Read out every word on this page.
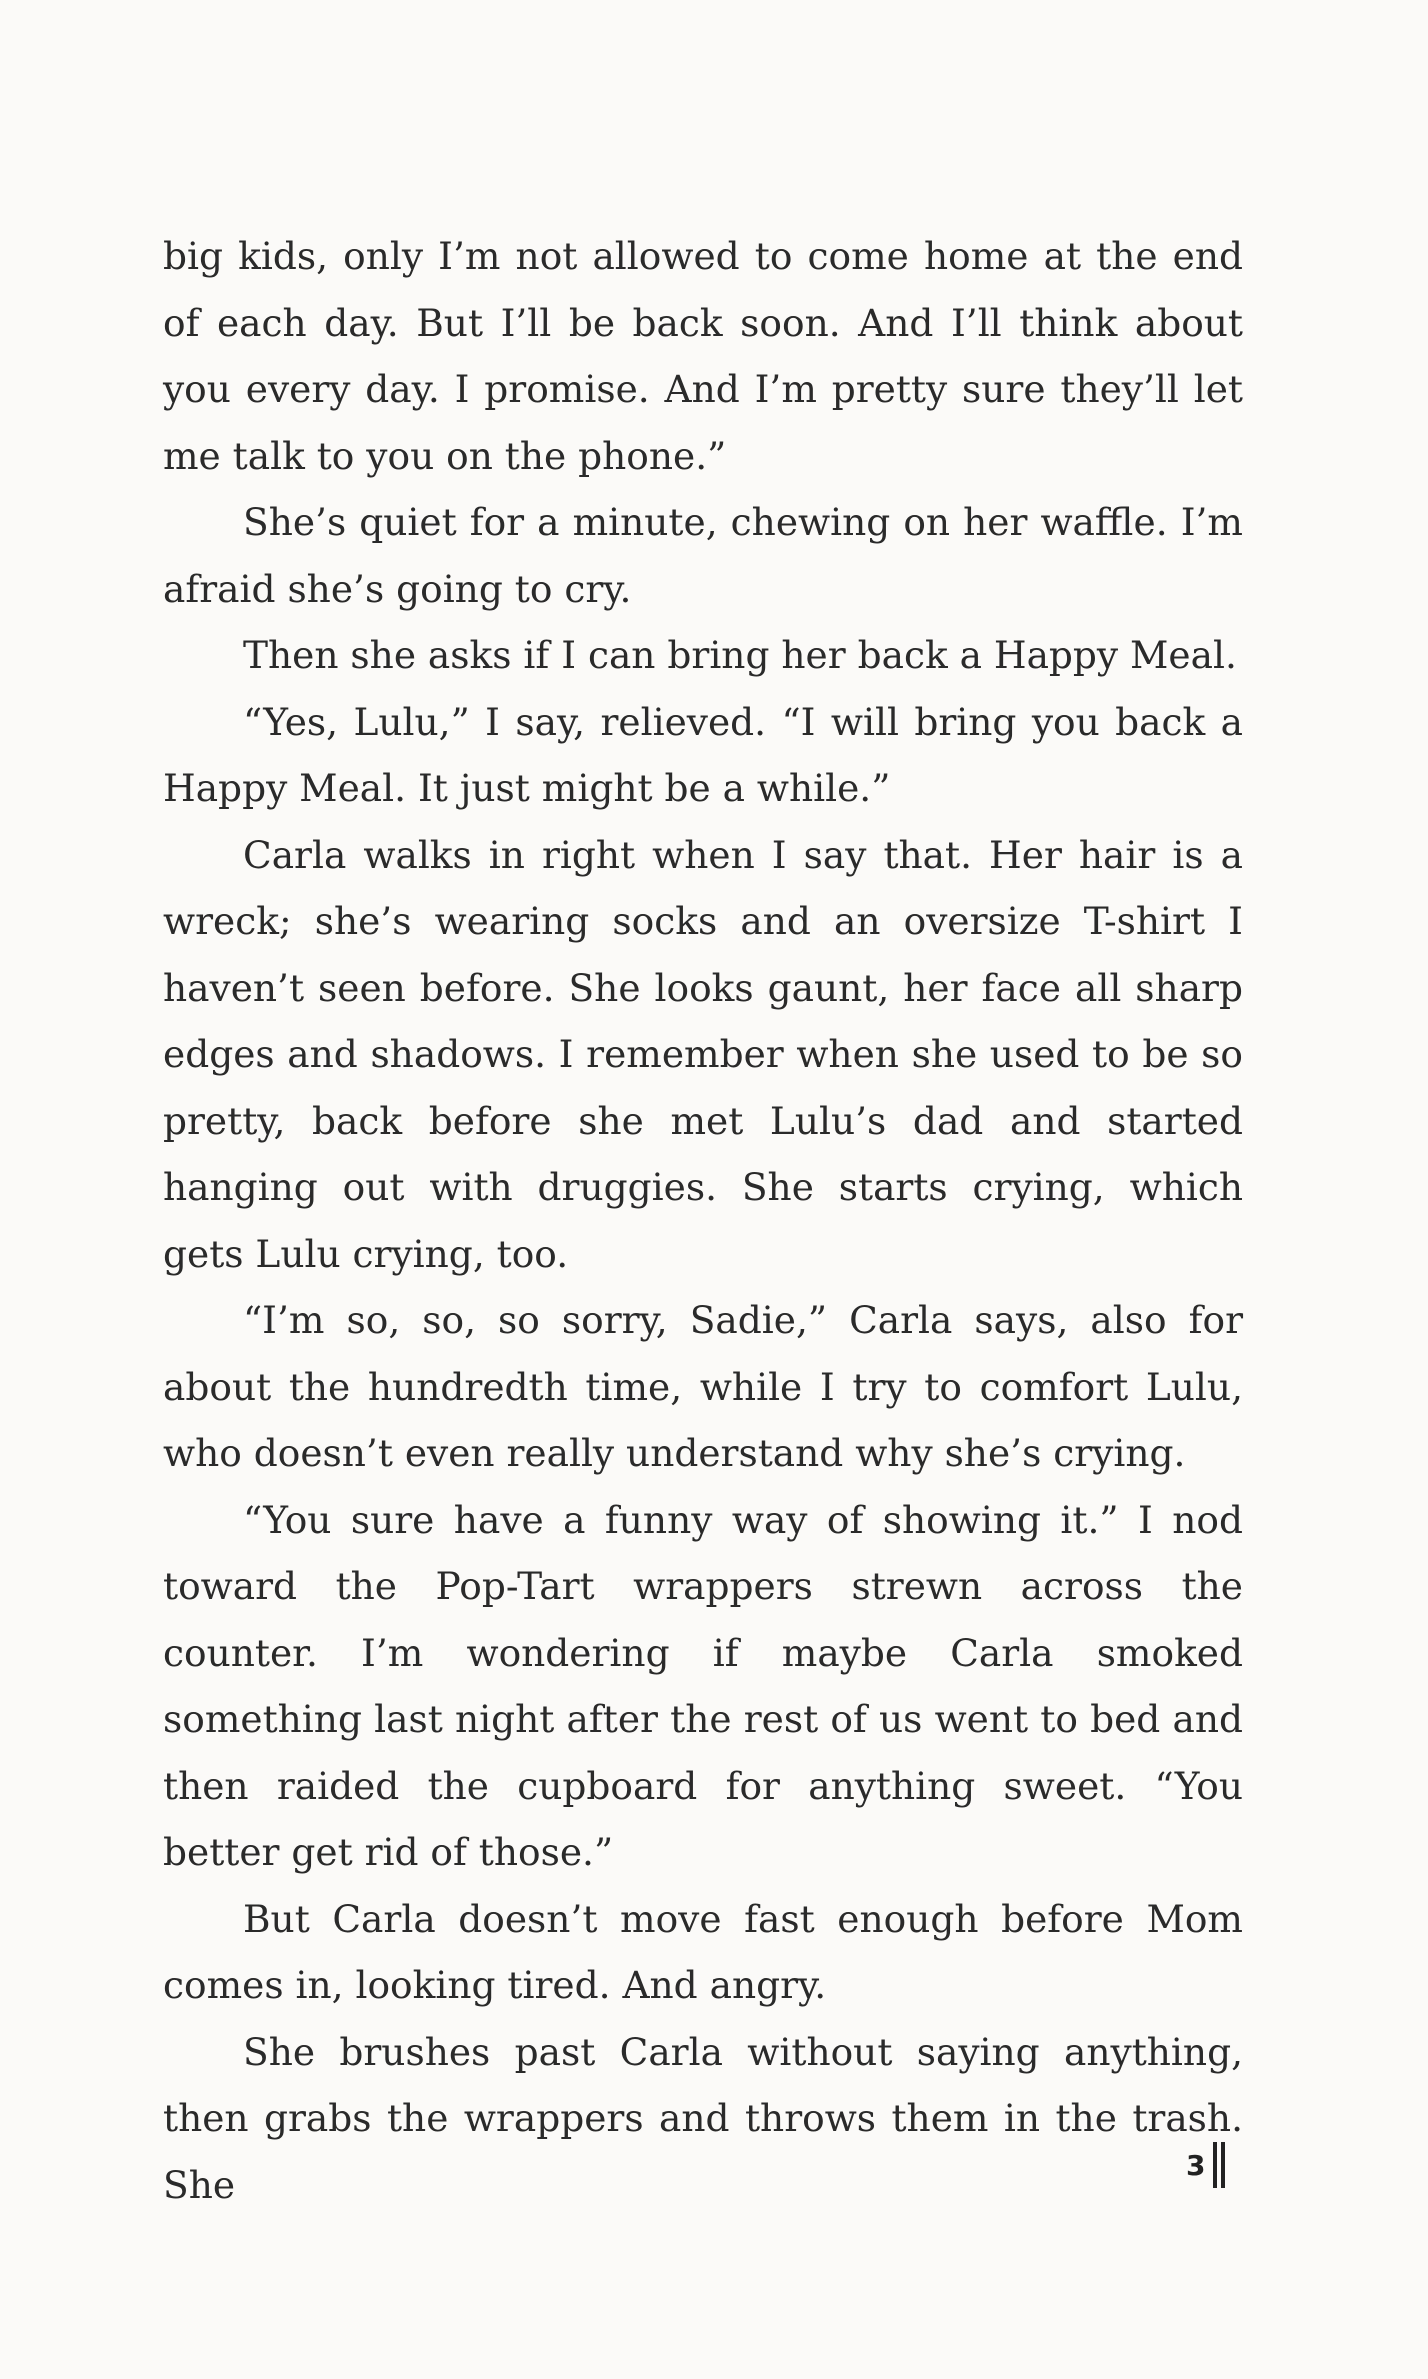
big kids, only I’m not allowed to come home at the end of each day. But I’ll be back soon. And I’ll think about you every day. I promise. And I’m pretty sure they’ll let me talk to you on the phone.”

She’s quiet for a minute, chewing on her waffle. I’m afraid she’s going to cry.

Then she asks if I can bring her back a Happy Meal.

“Yes, Lulu,” I say, relieved. “I will bring you back a Happy Meal. It just might be a while.”

Carla walks in right when I say that. Her hair is a wreck; she’s wearing socks and an oversize T-shirt I haven’t seen before. She looks gaunt, her face all sharp edges and shadows. I remember when she used to be so pretty, back before she met Lulu’s dad and started hanging out with druggies. She starts crying, which gets Lulu crying, too.

“I’m so, so, so sorry, Sadie,” Carla says, also for about the hundredth time, while I try to comfort Lulu, who doesn’t even really understand why she’s crying.

“You sure have a funny way of showing it.” I nod toward the Pop-Tart wrappers strewn across the counter. I’m wondering if maybe Carla smoked something last night after the rest of us went to bed and then raided the cupboard for anything sweet. “You better get rid of those.”

But Carla doesn’t move fast enough before Mom comes in, looking tired. And angry.

She brushes past Carla without saying anything, then grabs the wrappers and throws them in the trash. She	3
